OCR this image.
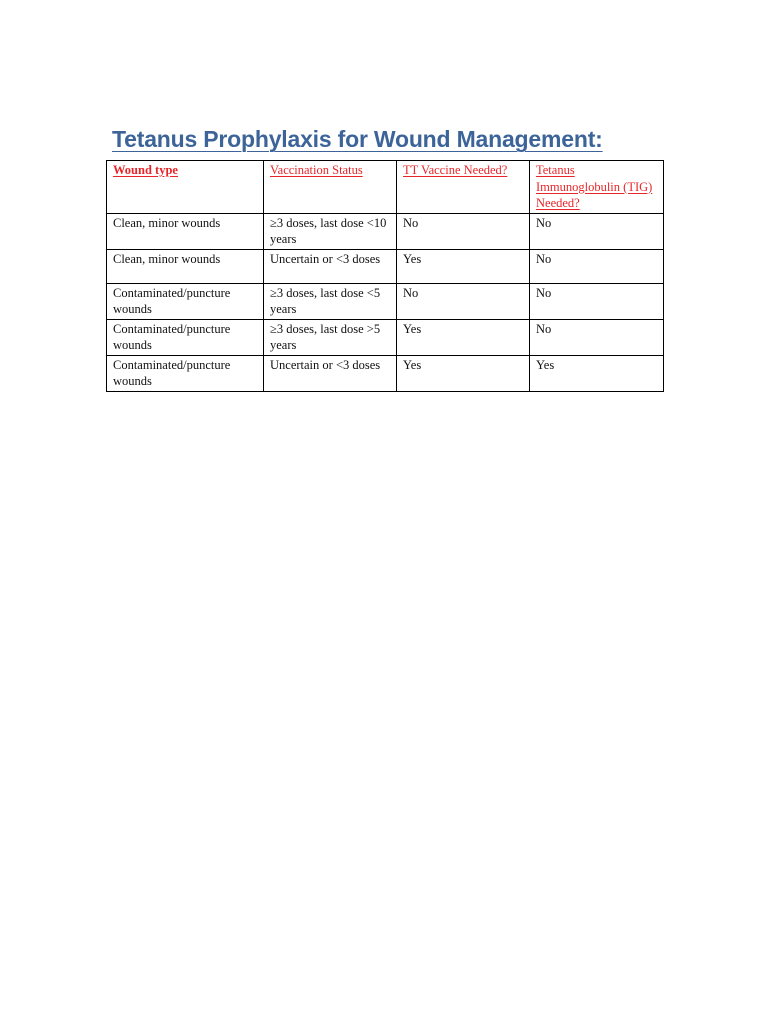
Tetanus Prophylaxis for Wound Management:
Wound type	Vaccination Status	TT Vaccine Needed?	Tetanus Immunoglobulin (TIG) Needed?
Clean, minor wounds	≥3 doses, last dose <10 years	No	No
Clean, minor wounds	Uncertain or <3 doses	Yes	No
Contaminated/puncture wounds	≥3 doses, last dose <5 years	No	No
Contaminated/puncture wounds	≥3 doses, last dose >5 years	Yes	No
Contaminated/puncture wounds	Uncertain or <3 doses	Yes	Yes
